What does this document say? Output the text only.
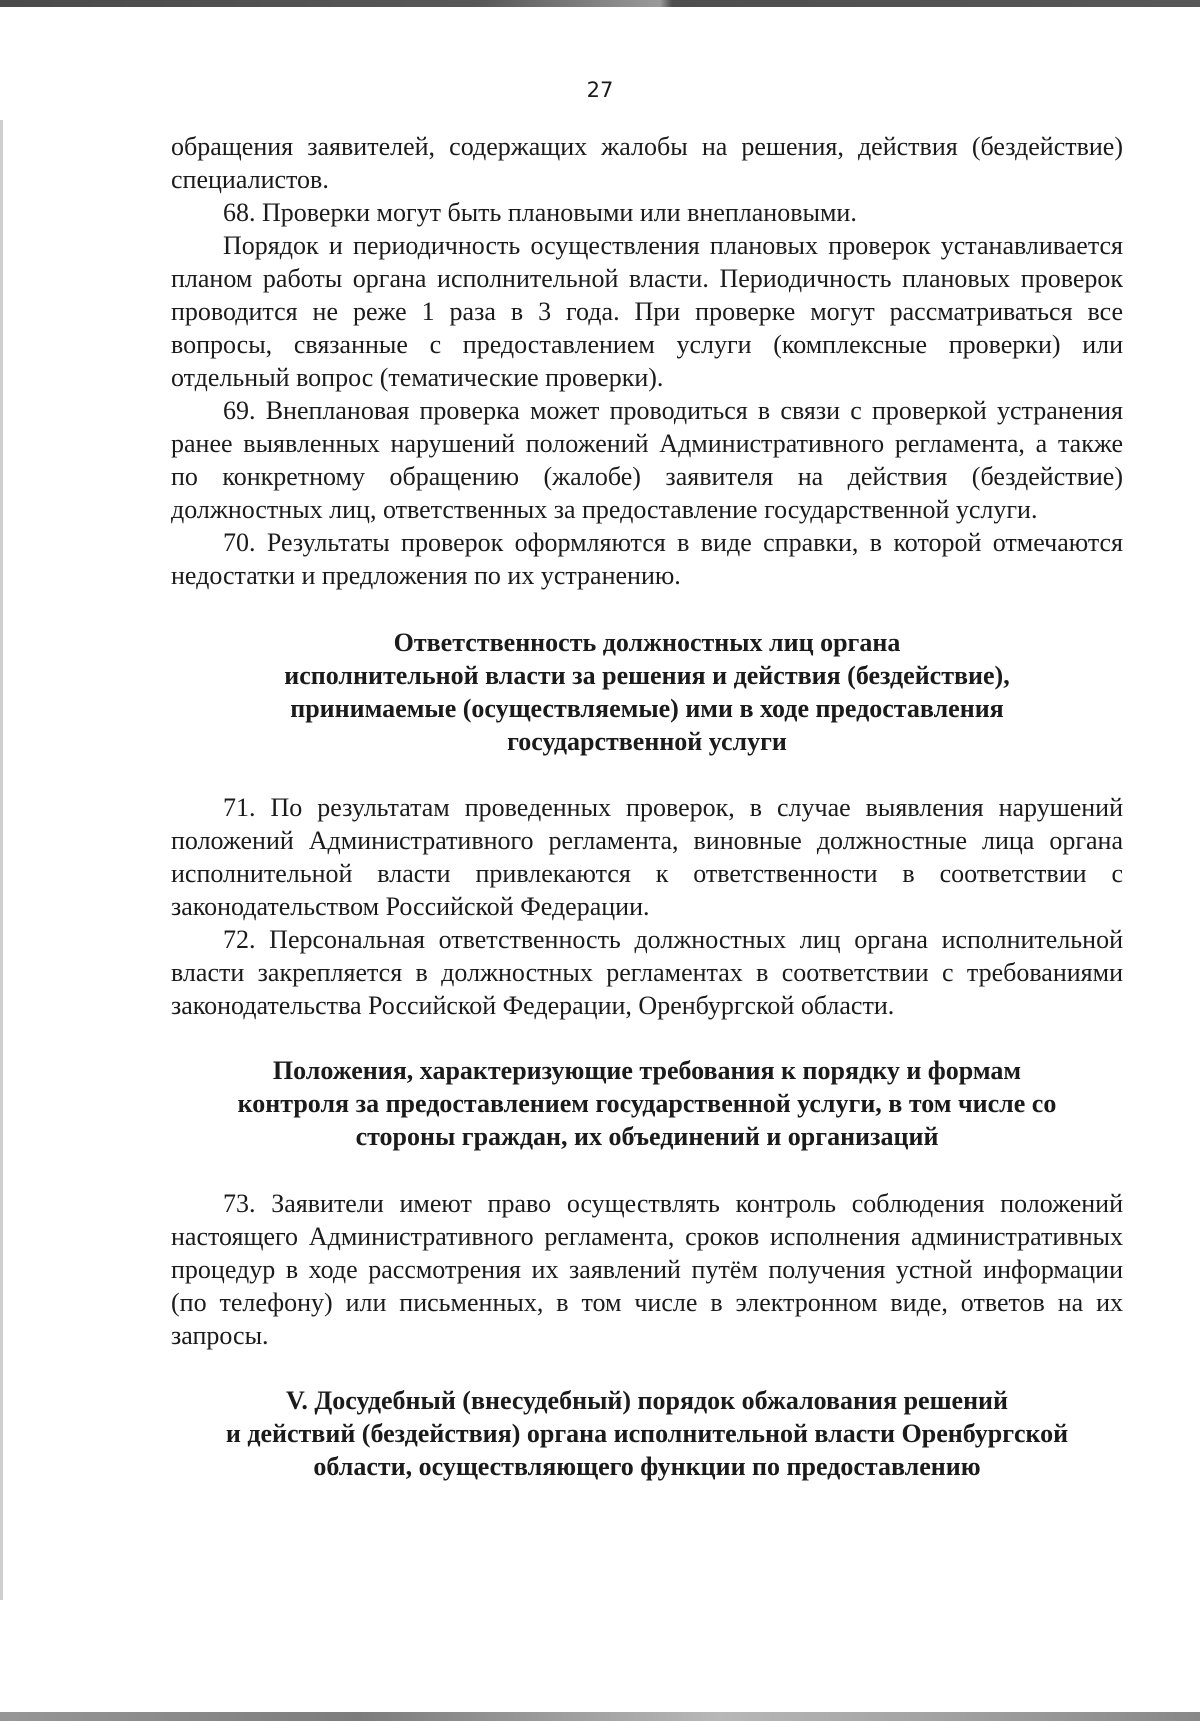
27

обращения заявителей, содержащих жалобы на решения, действия (бездействие) специалистов.

68. Проверки могут быть плановыми или внеплановыми.

Порядок и периодичность осуществления плановых проверок устанавливается планом работы органа исполнительной власти. Периодичность плановых проверок проводится не реже 1 раза в 3 года. При проверке могут рассматриваться все вопросы, связанные с предоставлением услуги (комплексные проверки) или отдельный вопрос (тематические проверки).

69. Внеплановая проверка может проводиться в связи с проверкой устранения ранее выявленных нарушений положений Административного регламента, а также по конкретному обращению (жалобе) заявителя на действия (бездействие) должностных лиц, ответственных за предоставление государственной услуги.

70. Результаты проверок оформляются в виде справки, в которой отмечаются недостатки и предложения по их устранению.

Ответственность должностных лиц органа
исполнительной власти за решения и действия (бездействие),
принимаемые (осуществляемые) ими в ходе предоставления
государственной услуги

71. По результатам проведенных проверок, в случае выявления нарушений положений Административного регламента, виновные должностные лица органа исполнительной власти привлекаются к ответственности в соответствии с законодательством Российской Федерации.

72. Персональная ответственность должностных лиц органа исполнительной власти закрепляется в должностных регламентах в соответствии с требованиями законодательства Российской Федерации, Оренбургской области.

Положения, характеризующие требования к порядку и формам
контроля за предоставлением государственной услуги, в том числе со
стороны граждан, их объединений и организаций

73. Заявители имеют право осуществлять контроль соблюдения положений настоящего Административного регламента, сроков исполнения административных процедур в ходе рассмотрения их заявлений путём получения устной информации (по телефону) или письменных, в том числе в электронном виде, ответов на их запросы.

V. Досудебный (внесудебный) порядок обжалования решений
и действий (бездействия) органа исполнительной власти Оренбургской
области, осуществляющего функции по предоставлению
